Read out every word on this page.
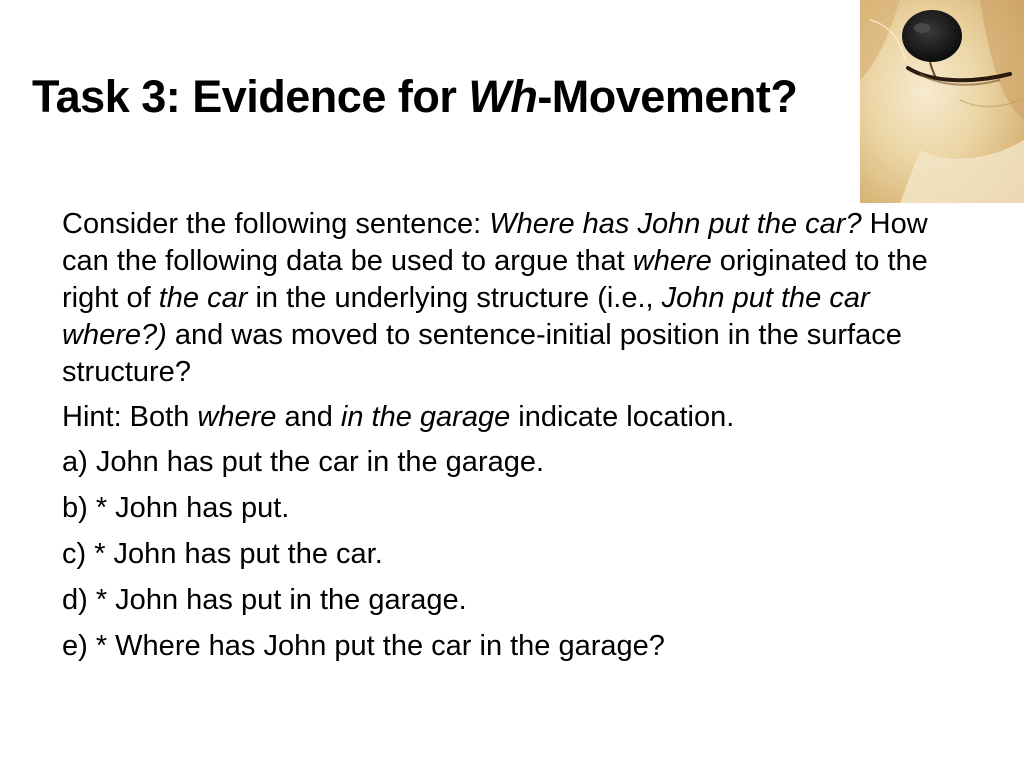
Task 3: Evidence for Wh-Movement?

Consider the following sentence: Where has John put the car? How can the following data be used to argue that where originated to the right of the car in the underlying structure (i.e., John put the car where?) and was moved to sentence-initial position in the surface structure?

Hint: Both where and in the garage indicate location.

a) John has put the car in the garage.

b) * John has put.

c) * John has put the car.

d) * John has put in the garage.

e) * Where has John put the car in the garage?
